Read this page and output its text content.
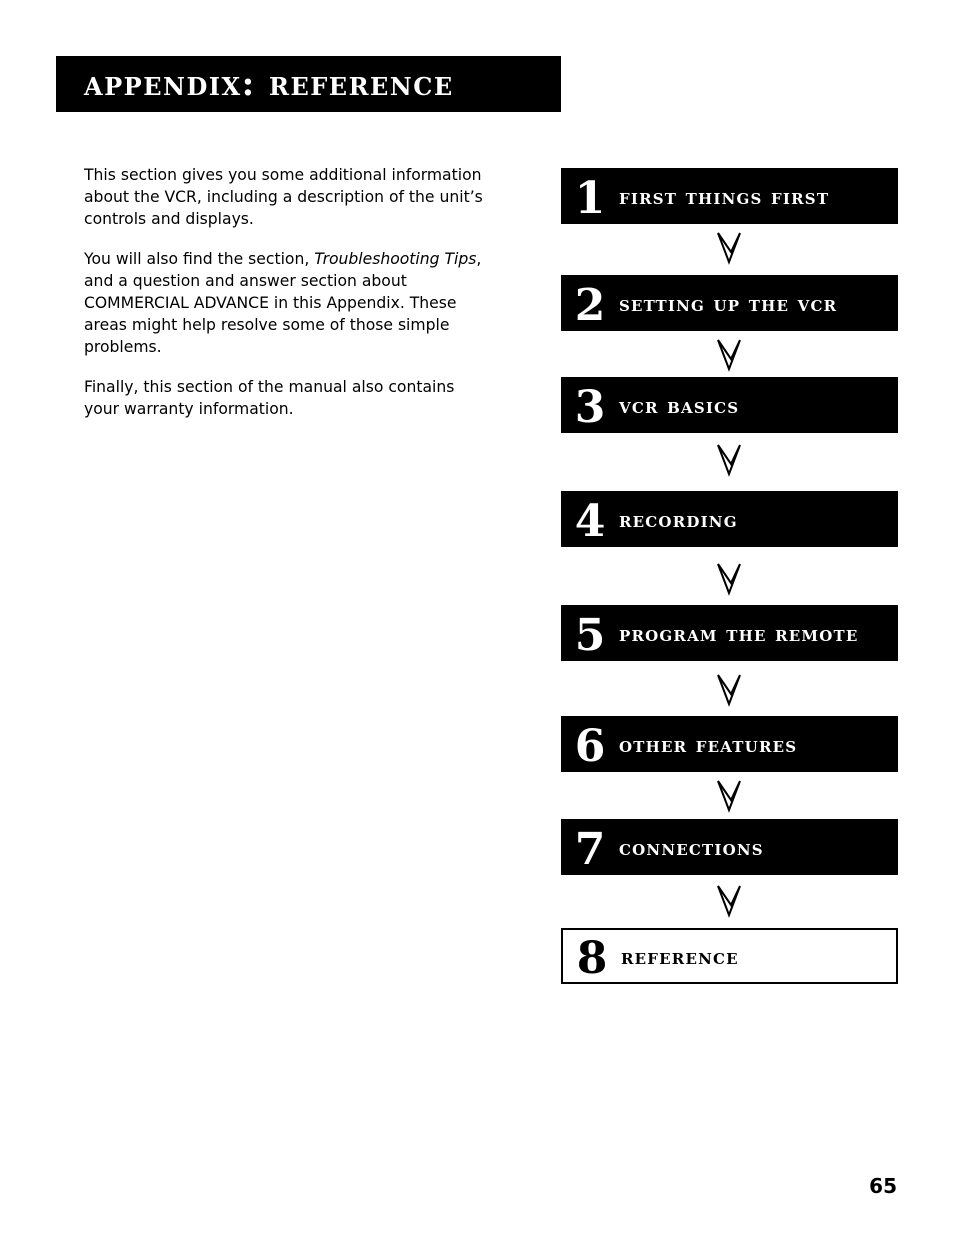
appendix: reference

This section gives you some additional information about the VCR, including a description of the unit’s controls and displays.

You will also find the section, Troubleshooting Tips, and a question and answer section about COMMERCIAL ADVANCE in this Appendix. These areas might help resolve some of those simple problems.

Finally, this section of the manual also contains your warranty information.

1 first things first
2 setting up the vcr
3 vcr basics
4 recording
5 program the remote
6 other features
7 connections
8 reference
65
